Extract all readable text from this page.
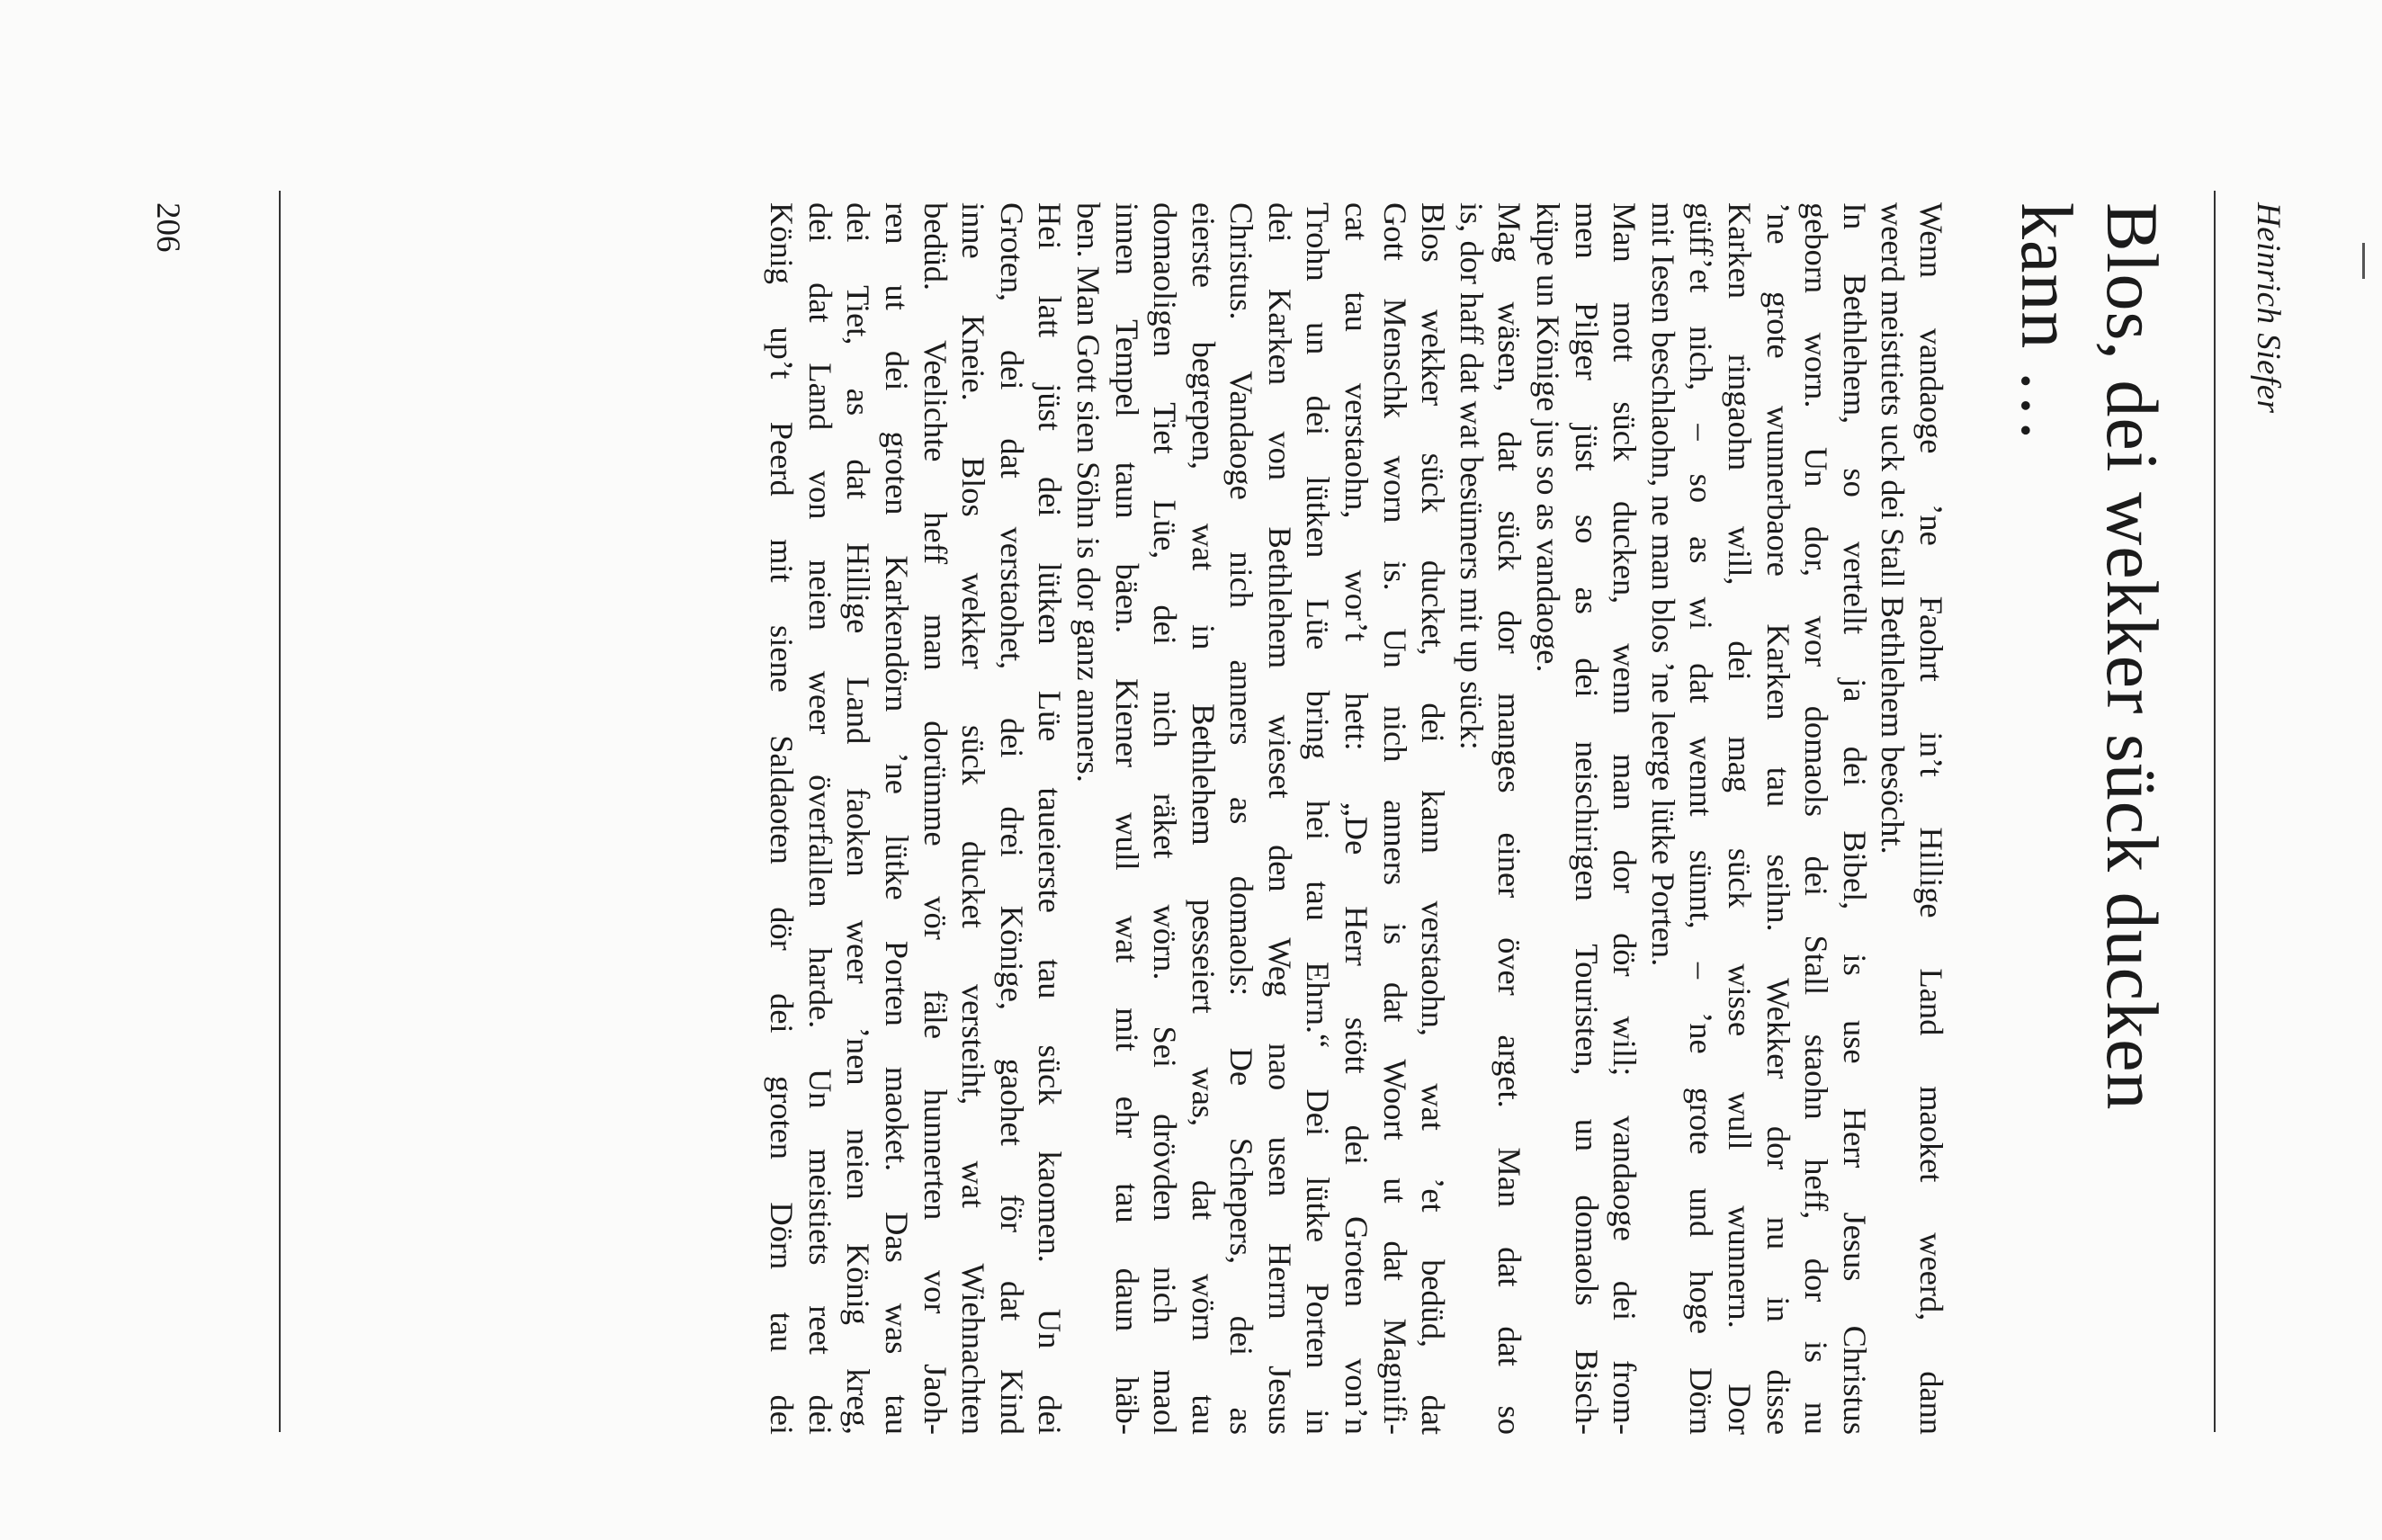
Heinrich Siefer
Blos, dei wekker sück ducken
kann …
Wenn vandaoge ’ne Faohrt in’t Hillige Land maoket weerd, dann
weerd meisttiets uck dei Stall Bethlehem besöcht.
In Bethlehem, so vertellt ja dei Bibel, is use Herr Jesus Christus
geborn worn. Un dor, wor domaols dei Stall staohn heff, dor is nu
’ne grote wunnerbaore Karken tau seihn. Wekker dor nu in disse
Karken ringaohn will, dei mag sück wisse wull wunnern. Dor
güff’et nich, – so as wi dat wennt sünnt, – ’ne grote und hoge Dörn
mit Iesen beschlaohn, ne man blos ’ne leerge lütke Porten.
Man mott sück ducken, wenn man dor dör will; vandaoge dei from-
men Pilger jüst so as dei neischirigen Touristen, un domaols Bisch-
küpe un Könige jus so as vandaoge.
Mag wäsen, dat sück dor manges einer över arget. Man dat dat so
is, dor haff dat wat besümers mit up sück:
Blos wekker sück ducket, dei kann verstaohn, wat ’et bedüd, dat
Gott Menschk worn is. Un nich anners is dat Woort ut dat Magnifi-
cat tau verstaohn, wor’t hett: „De Herr stött dei Groten von’n
Trohn un dei lütken Lüe bring hei tau Ehrn.“ Dei lütke Porten in
dei Karken von Bethlehem wieset den Weg nao usen Herrn Jesus
Christus. Vandaoge nich anners as domaols: De Schepers, dei as
eierste begrepen, wat in Bethlehem pesseiert was, dat wörn tau
domaoligen Tiet Lüe, dei nich räket wörn. Sei drövden nich maol
innen Tempel taun bäen. Kiener wull wat mit ehr tau daun häb-
ben. Man Gott sien Söhn is dor ganz anners.
Hei latt jüst dei lütken Lüe taueierste tau sück kaomen. Un dei
Groten, dei dat verstaohet, dei drei Könige, gaohet för dat Kind
inne Kneie. Blos wekker sück ducket versteiht, wat Wiehnachten
bedüd. Veelichte heff man dorümme vör fäle hunnerten vor Jaoh-
ren ut dei groten Karkendörn ’ne lütke Porten maoket. Das was tau
dei Tiet, as dat Hillige Land faoken weer ’nen neien König kreg,
dei dat Land von neien weer överfallen harde. Un meistiets reet dei
König up’t Peerd mit siene Saldaoten dör dei groten Dörn tau dei
206
